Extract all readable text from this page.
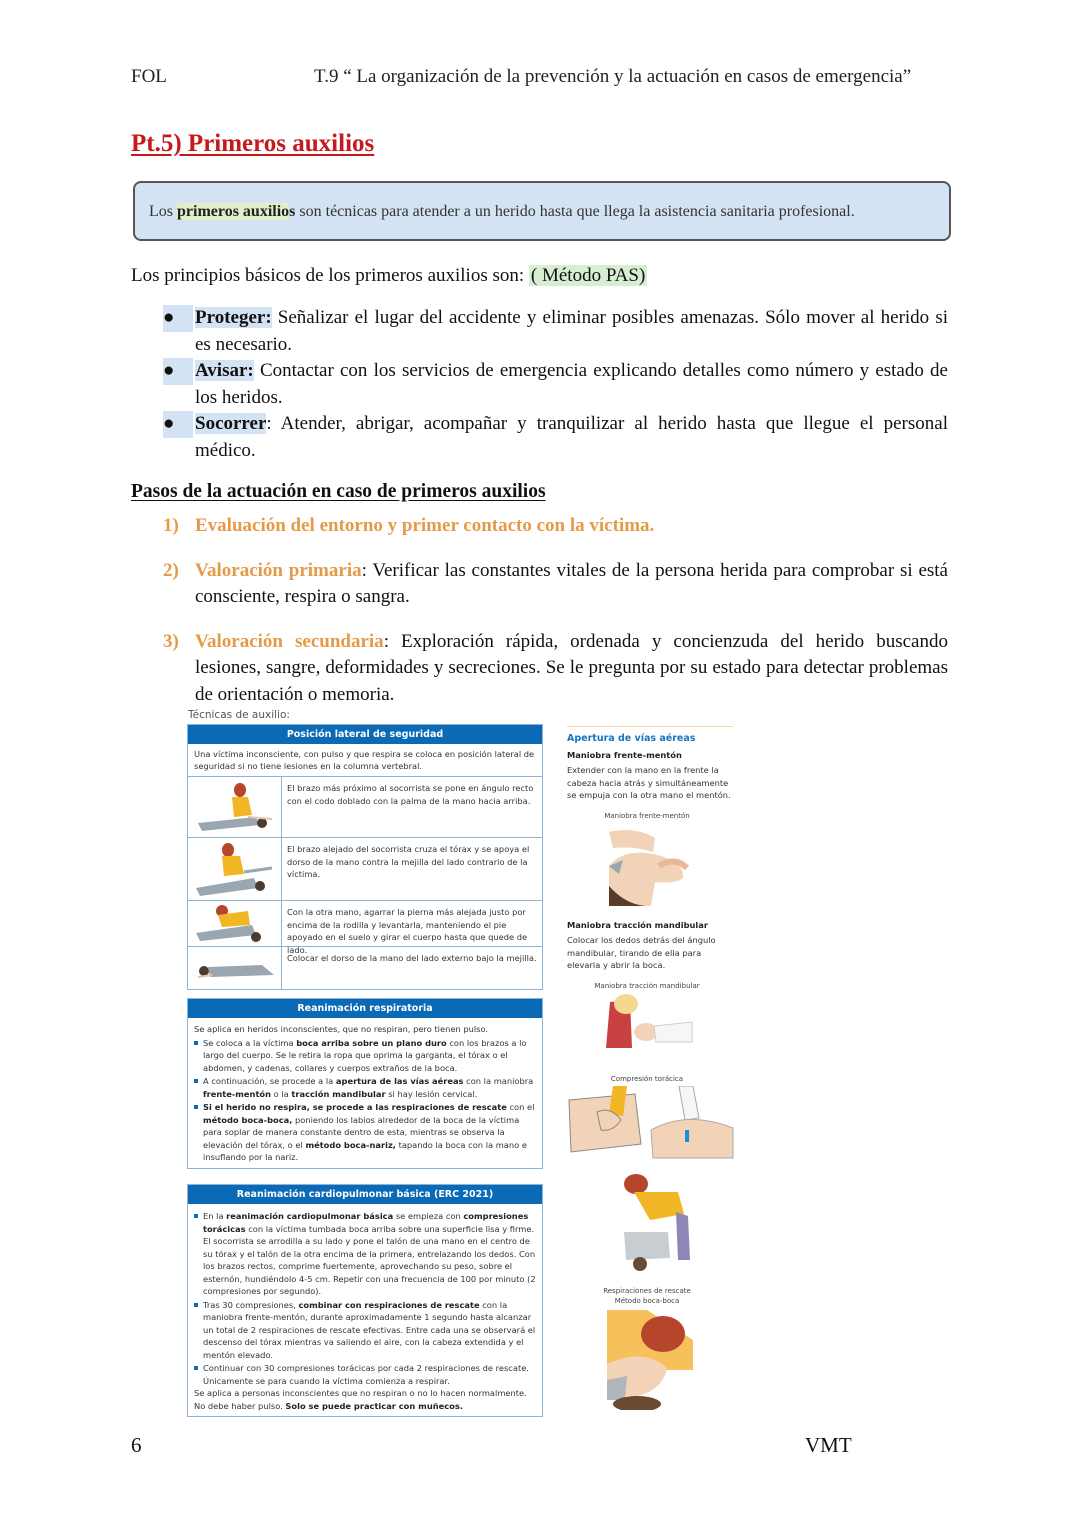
FOL	T.9 “ La organización de la prevención y la actuación en casos de emergencia”
Pt.5) Primeros auxilios
Los primeros auxilios son técnicas para atender a un herido hasta que llega la asistencia sanitaria profesional.
Los principios básicos de los primeros auxilios son: ( Método PAS)
●	Proteger: Señalizar el lugar del accidente y eliminar posibles amenazas. Sólo mover al herido si es necesario.
●	Avisar: Contactar con los servicios de emergencia explicando detalles como número y estado de los heridos.
●	Socorrer: Atender, abrigar, acompañar y tranquilizar al herido hasta que llegue el personal médico.
Pasos de la actuación en caso de primeros auxilios
1) Evaluación del entorno y primer contacto con la víctima.
2) Valoración primaria: Verificar las constantes vitales de la persona herida para comprobar si está consciente, respira o sangra.
3) Valoración secundaria: Exploración rápida, ordenada y concienzuda del herido buscando lesiones, sangre, deformidades y secreciones. Se le pregunta por su estado para detectar problemas de orientación o memoria.
Técnicas de auxilio:
Posición lateral de seguridad
Una víctima inconsciente, con pulso y que respira se coloca en posición lateral de seguridad si no tiene lesiones en la columna vertebral.
El brazo más próximo al socorrista se pone en ángulo recto con el codo doblado con la palma de la mano hacia arriba.
El brazo alejado del socorrista cruza el tórax y se apoya el dorso de la mano contra la mejilla del lado contrario de la víctima.
Con la otra mano, agarrar la pierna más alejada justo por encima de la rodilla y levantarla, manteniendo el pie apoyado en el suelo y girar el cuerpo hasta que quede de lado.
Colocar el dorso de la mano del lado externo bajo la mejilla.
Reanimación respiratoria
Se aplica en heridos inconscientes, que no respiran, pero tienen pulso.
Se coloca a la víctima boca arriba sobre un plano duro con los brazos a lo largo del cuerpo. Se le retira la ropa que oprima la garganta, el tórax o el abdomen, y cadenas, collares y cuerpos extraños de la boca.
A continuación, se procede a la apertura de las vías aéreas con la maniobra frente-mentón o la tracción mandibular si hay lesión cervical.
Si el herido no respira, se procede a las respiraciones de rescate con el método boca-boca, poniendo los labios alrededor de la boca de la víctima para soplar de manera constante dentro de esta, mientras se observa la elevación del tórax, o el método boca-nariz, tapando la boca con la mano e insuflando por la nariz.
Reanimación cardiopulmonar básica (ERC 2021)
En la reanimación cardiopulmonar básica se empieza con compresiones torácicas con la víctima tumbada boca arriba sobre una superficie lisa y firme. El socorrista se arrodilla a su lado y pone el talón de una mano en el centro de su tórax y el talón de la otra encima de la primera, entrelazando los dedos. Con los brazos rectos, comprime fuertemente, aprovechando su peso, sobre el esternón, hundiéndolo 4-5 cm. Repetir con una frecuencia de 100 por minuto (2 compresiones por segundo).
Tras 30 compresiones, combinar con respiraciones de rescate con la maniobra frente-mentón, durante aproximadamente 1 segundo hasta alcanzar un total de 2 respiraciones de rescate efectivas. Entre cada una se observará el descenso del tórax mientras va saliendo el aire, con la cabeza extendida y el mentón elevado.
Continuar con 30 compresiones torácicas por cada 2 respiraciones de rescate. Únicamente se para cuando la víctima comienza a respirar.
Se aplica a personas inconscientes que no respiran o no lo hacen normalmente. No debe haber pulso. Solo se puede practicar con muñecos.
Apertura de vías aéreas
Maniobra frente-mentón
Extender con la mano en la frente la cabeza hacia atrás y simultáneamente se empuja con la otra mano el mentón.
Maniobra frente-mentón
Maniobra tracción mandibular
Colocar los dedos detrás del ángulo mandibular, tirando de ella para elevarla y abrir la boca.
Maniobra tracción mandibular
Compresión torácica
Respiraciones de rescate
Método boca-boca
6	VMT
